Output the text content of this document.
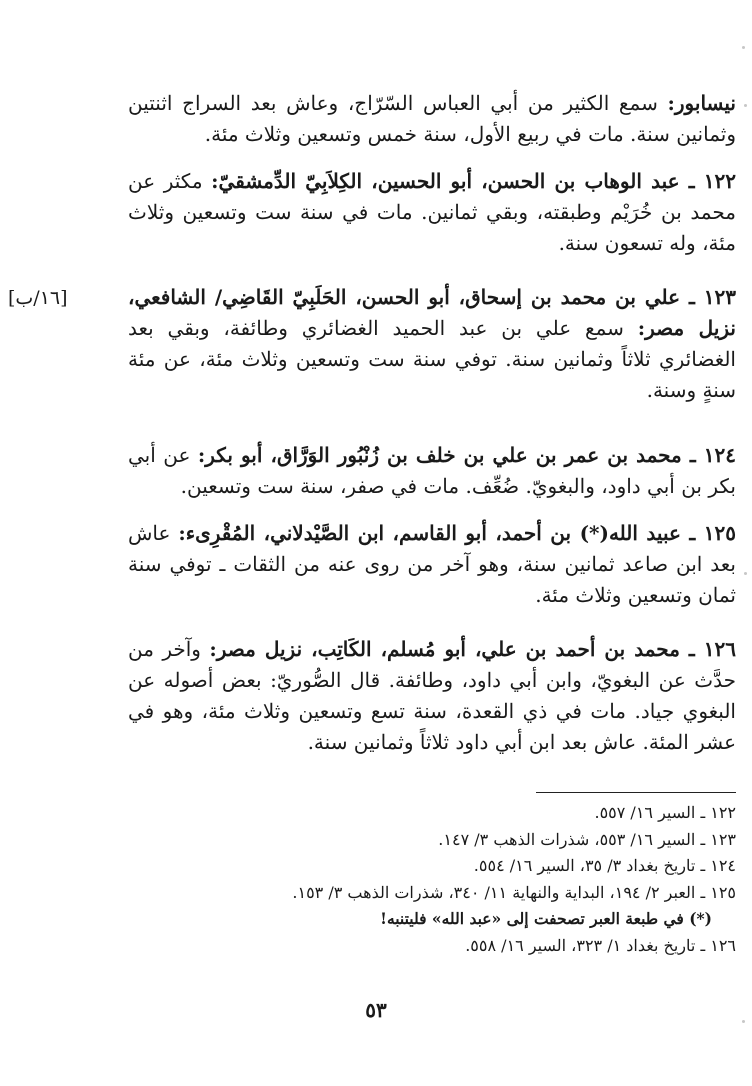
نيسابور: سمع الكثير من أبي العباس السّرّاج، وعاش بعد السراج اثنتين وثمانين سنة. مات في ربيع الأول، سنة خمس وتسعين وثلاث مئة.

١٢٢ ـ عبد الوهاب بن الحسن، أبو الحسين، الكِلاَبِيّ الدِّمشقيّ: مكثر عن محمد بن خُرَيْم وطبقته، وبقي ثمانين. مات في سنة ست وتسعين وثلاث مئة، وله تسعون سنة.

١٢٣ ـ علي بن محمد بن إسحاق، أبو الحسن، الحَلَبِيّ القَاضِي/ الشافعي، نزيل مصر: سمع علي بن عبد الحميد الغضائري وطائفة، وبقي بعد الغضائري ثلاثاً وثمانين سنة. توفي سنة ست وتسعين وثلاث مئة، عن مئة سنةٍ وسنة.

[١٦/ب]

١٢٤ ـ محمد بن عمر بن علي بن خلف بن زُنْبُور الوَرَّاق، أبو بكر: عن أبي بكر بن أبي داود، والبغويّ. ضُعِّف. مات في صفر، سنة ست وتسعين.

١٢٥ ـ عبيد الله(*) بن أحمد، أبو القاسم، ابن الصَّيْدلاني، المُقْرِىء: عاش بعد ابن صاعد ثمانين سنة، وهو آخر من روى عنه من الثقات ـ توفي سنة ثمان وتسعين وثلاث مئة.

١٢٦ ـ محمد بن أحمد بن علي، أبو مُسلم، الكَاتِب، نزيل مصر: وآخر من حدَّث عن البغويّ، وابن أبي داود، وطائفة. قال الصُّوريّ: بعض أصوله عن البغوي جياد. مات في ذي القعدة، سنة تسع وتسعين وثلاث مئة، وهو في عشر المئة. عاش بعد ابن أبي داود ثلاثاً وثمانين سنة.

١٢٢ ـ السير ١٦/ ٥٥٧.
١٢٣ ـ السير ١٦/ ٥٥٣، شذرات الذهب ٣/ ١٤٧.
١٢٤ ـ تاريخ بغداد ٣/ ٣٥، السير ١٦/ ٥٥٤.
١٢٥ ـ العبر ٢/ ١٩٤، البداية والنهاية ١١/ ٣٤٠، شذرات الذهب ٣/ ١٥٣.
(*) في طبعة العبر تصحفت إلى «عبد الله» فليتنبه!
١٢٦ ـ تاريخ بغداد ١/ ٣٢٣، السير ١٦/ ٥٥٨.
٥٣
